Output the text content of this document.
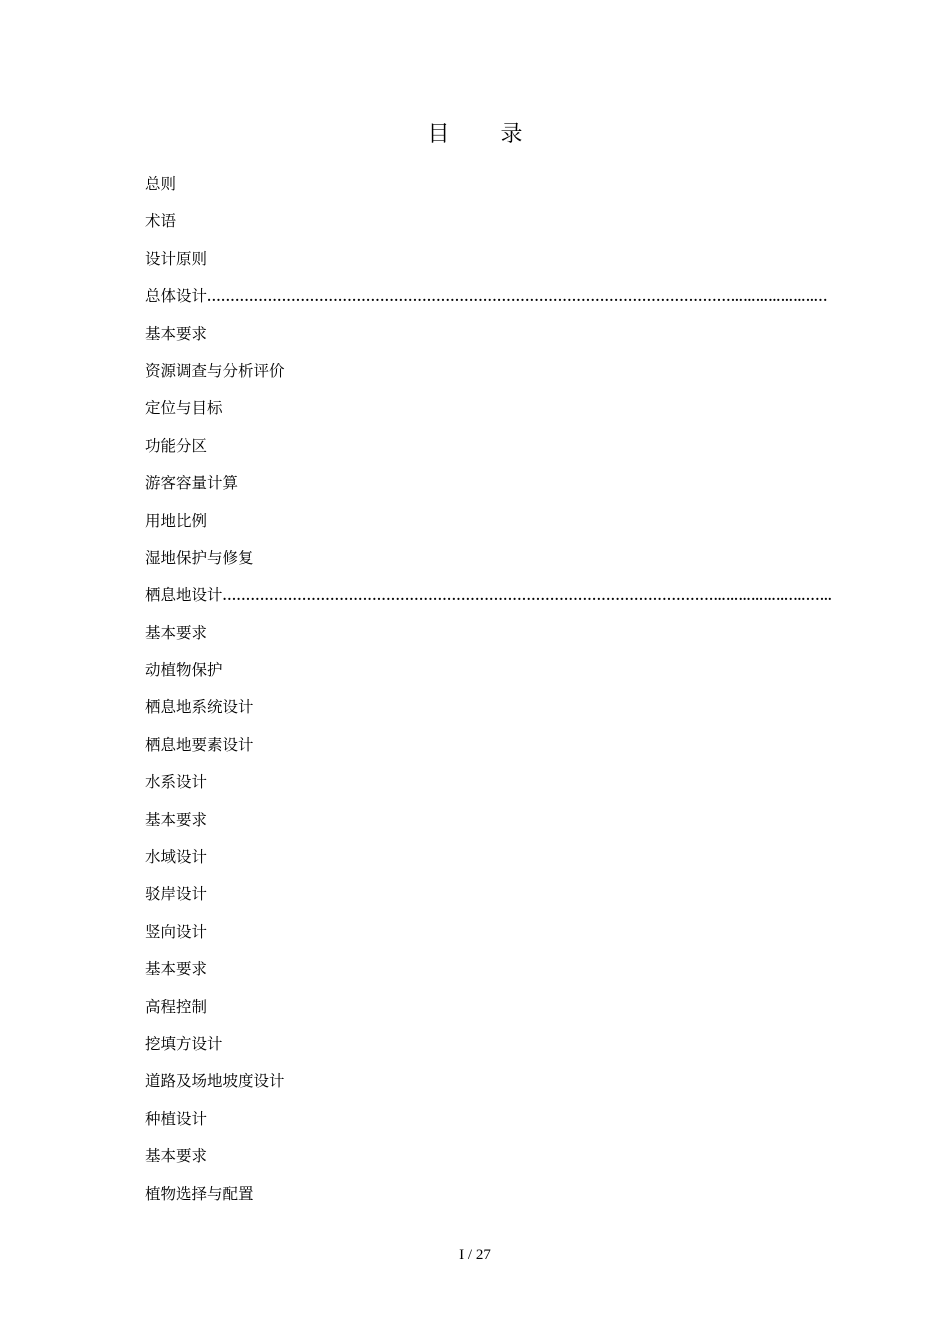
目 录
总则
术语
设计原则
总体设计................................................................................................................…………………..
基本要求
资源调查与分析评价
定位与目标
功能分区
游客容量计算
用地比例
湿地保护与修复
栖息地设计.........................................................................................................……………….…...…
基本要求
动植物保护
栖息地系统设计
栖息地要素设计
水系设计
基本要求
水域设计
驳岸设计
竖向设计
基本要求
高程控制
挖填方设计
道路及场地坡度设计
种植设计
基本要求
植物选择与配置
I / 27
